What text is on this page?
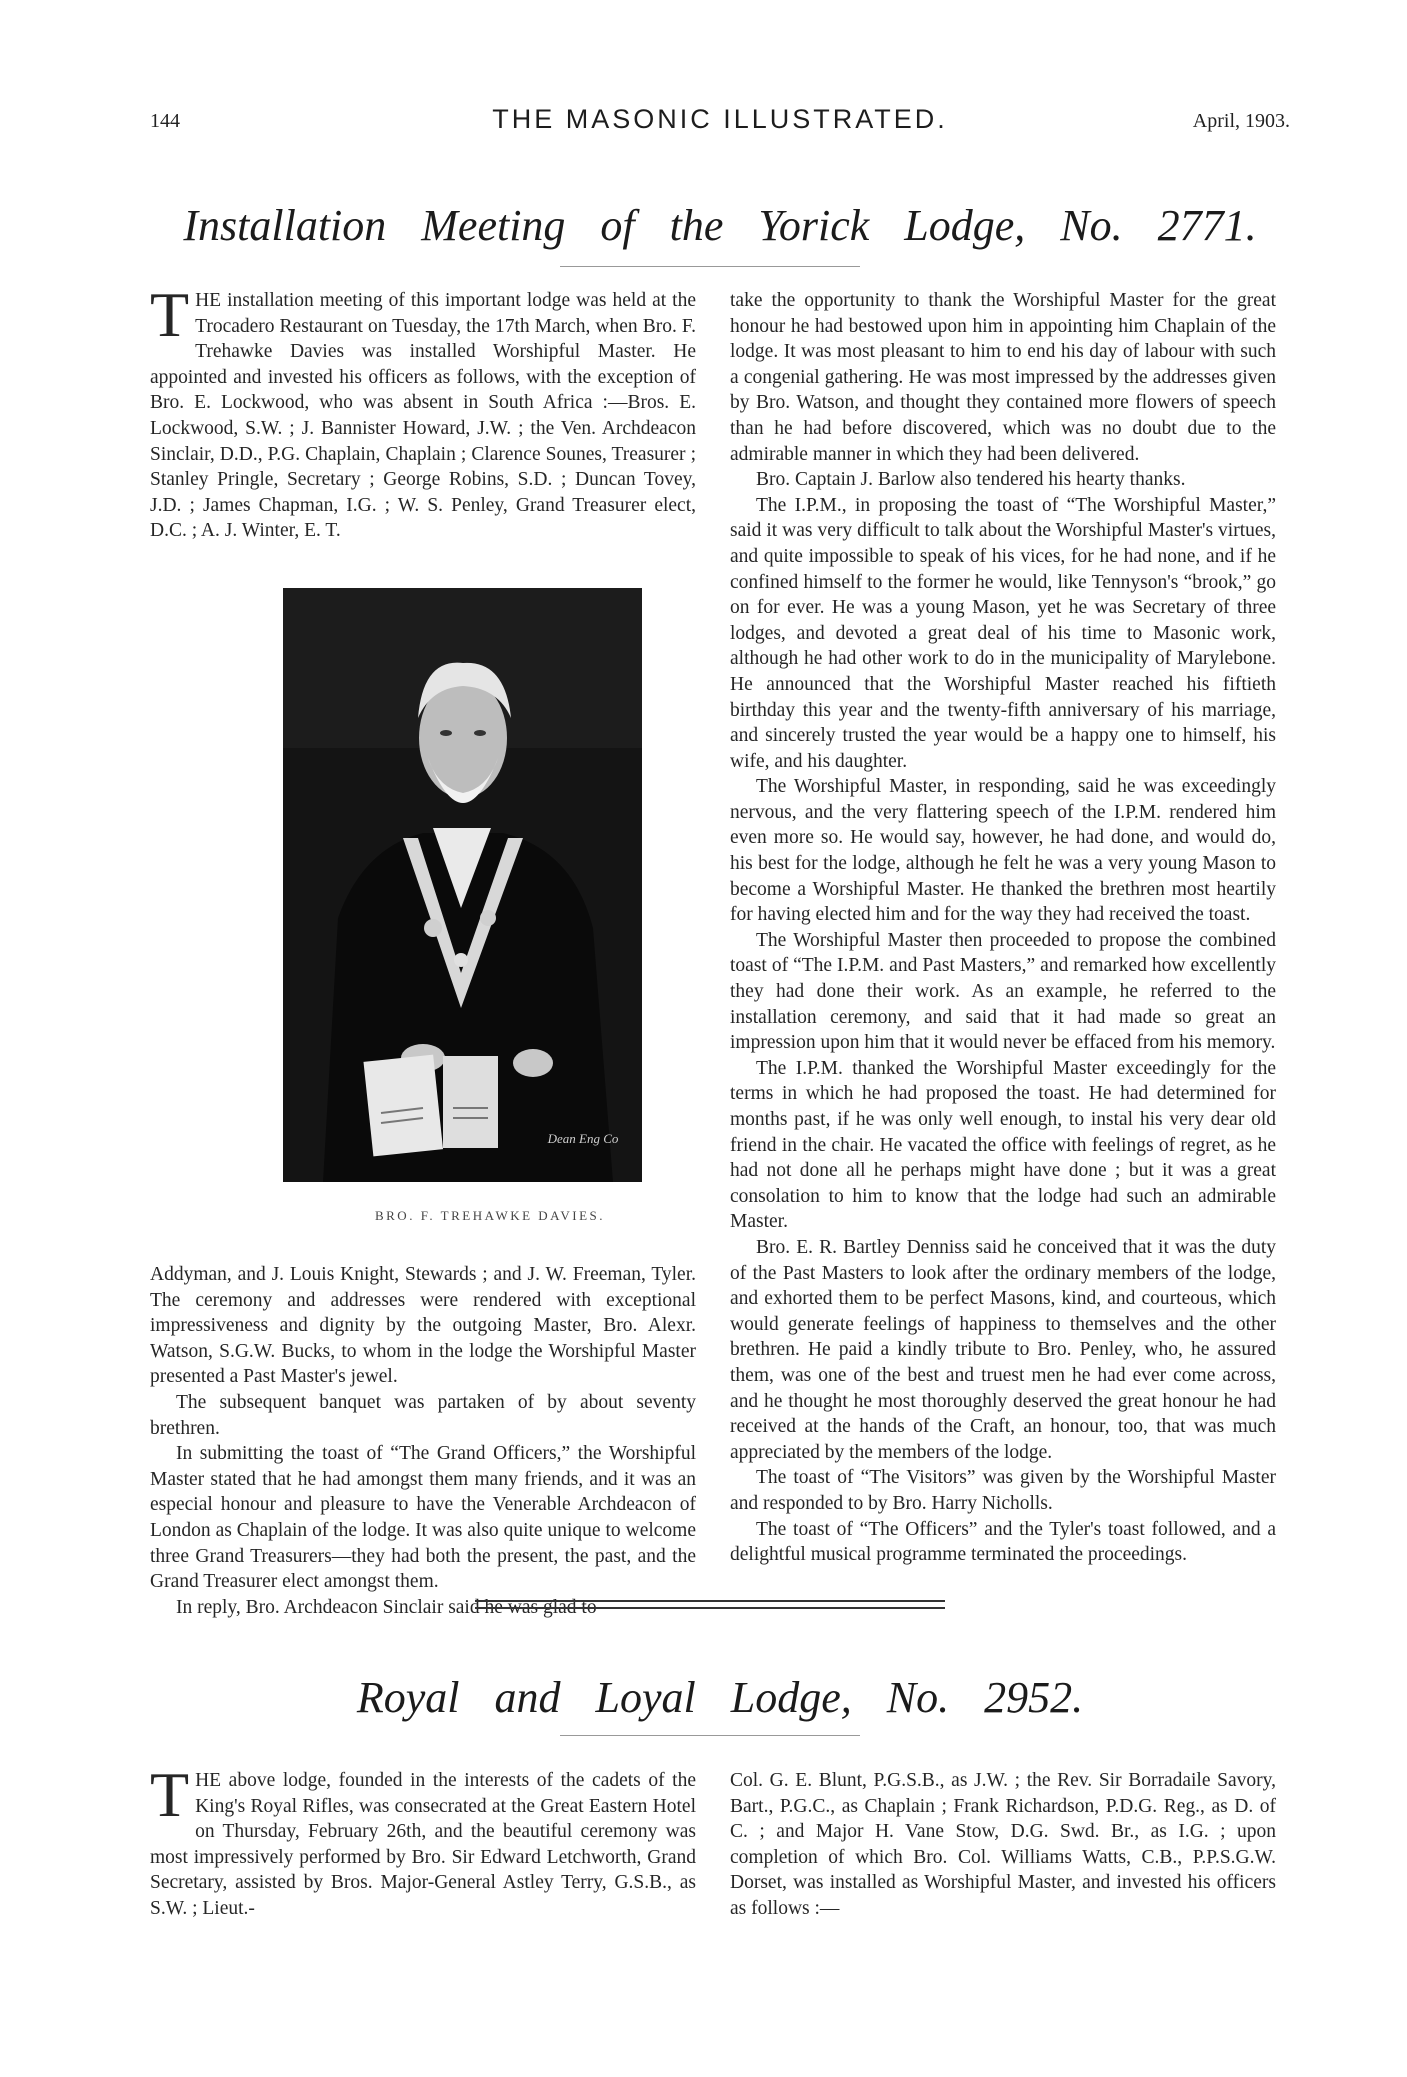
144	THE MASONIC ILLUSTRATED.	April, 1903.
Installation Meeting of the Yorick Lodge, No. 2771.

THE installation meeting of this important lodge was held at the Trocadero Restaurant on Tuesday, the 17th March, when Bro. F. Trehawke Davies was installed Worshipful Master. He appointed and invested his officers as follows, with the exception of Bro. E. Lockwood, who was absent in South Africa :—Bros. E. Lockwood, S.W. ; J. Bannister Howard, J.W. ; the Ven. Archdeacon Sinclair, D.D., P.G. Chaplain, Chaplain ; Clarence Sounes, Treasurer ; Stanley Pringle, Secretary ; George Robins, S.D. ; Duncan Tovey, J.D. ; James Chapman, I.G. ; W. S. Penley, Grand Treasurer elect, D.C. ; A. J. Winter, E. T.

Dean Eng Co
BRO. F. TREHAWKE DAVIES.

Addyman, and J. Louis Knight, Stewards ; and J. W. Freeman, Tyler. The ceremony and addresses were rendered with exceptional impressiveness and dignity by the outgoing Master, Bro. Alexr. Watson, S.G.W. Bucks, to whom in the lodge the Worshipful Master presented a Past Master's jewel.

The subsequent banquet was partaken of by about seventy brethren.

In submitting the toast of “The Grand Officers,” the Worshipful Master stated that he had amongst them many friends, and it was an especial honour and pleasure to have the Venerable Archdeacon of London as Chaplain of the lodge. It was also quite unique to welcome three Grand Treasurers—they had both the present, the past, and the Grand Treasurer elect amongst them.

In reply, Bro. Archdeacon Sinclair said he was glad to

take the opportunity to thank the Worshipful Master for the great honour he had bestowed upon him in appointing him Chaplain of the lodge. It was most pleasant to him to end his day of labour with such a congenial gathering. He was most impressed by the addresses given by Bro. Watson, and thought they contained more flowers of speech than he had before discovered, which was no doubt due to the admirable manner in which they had been delivered.

Bro. Captain J. Barlow also tendered his hearty thanks.

The I.P.M., in proposing the toast of “The Worshipful Master,” said it was very difficult to talk about the Worshipful Master's virtues, and quite impossible to speak of his vices, for he had none, and if he confined himself to the former he would, like Tennyson's “brook,” go on for ever. He was a young Mason, yet he was Secretary of three lodges, and devoted a great deal of his time to Masonic work, although he had other work to do in the municipality of Marylebone. He announced that the Worshipful Master reached his fiftieth birthday this year and the twenty-fifth anniversary of his marriage, and sincerely trusted the year would be a happy one to himself, his wife, and his daughter.

The Worshipful Master, in responding, said he was exceedingly nervous, and the very flattering speech of the I.P.M. rendered him even more so. He would say, however, he had done, and would do, his best for the lodge, although he felt he was a very young Mason to become a Worshipful Master. He thanked the brethren most heartily for having elected him and for the way they had received the toast.

The Worshipful Master then proceeded to propose the combined toast of “The I.P.M. and Past Masters,” and remarked how excellently they had done their work. As an example, he referred to the installation ceremony, and said that it had made so great an impression upon him that it would never be effaced from his memory.

The I.P.M. thanked the Worshipful Master exceedingly for the terms in which he had proposed the toast. He had determined for months past, if he was only well enough, to instal his very dear old friend in the chair. He vacated the office with feelings of regret, as he had not done all he perhaps might have done ; but it was a great consolation to him to know that the lodge had such an admirable Master.

Bro. E. R. Bartley Denniss said he conceived that it was the duty of the Past Masters to look after the ordinary members of the lodge, and exhorted them to be perfect Masons, kind, and courteous, which would generate feelings of happiness to themselves and the other brethren. He paid a kindly tribute to Bro. Penley, who, he assured them, was one of the best and truest men he had ever come across, and he thought he most thoroughly deserved the great honour he had received at the hands of the Craft, an honour, too, that was much appreciated by the members of the lodge.

The toast of “The Visitors” was given by the Worshipful Master and responded to by Bro. Harry Nicholls.

The toast of “The Officers” and the Tyler's toast followed, and a delightful musical programme terminated the proceedings.

Royal and Loyal Lodge, No. 2952.

THE above lodge, founded in the interests of the cadets of the King's Royal Rifles, was consecrated at the Great Eastern Hotel on Thursday, February 26th, and the beautiful ceremony was most impressively performed by Bro. Sir Edward Letchworth, Grand Secretary, assisted by Bros. Major-General Astley Terry, G.S.B., as S.W. ; Lieut.-

Col. G. E. Blunt, P.G.S.B., as J.W. ; the Rev. Sir Borradaile Savory, Bart., P.G.C., as Chaplain ; Frank Richardson, P.D.G. Reg., as D. of C. ; and Major H. Vane Stow, D.G. Swd. Br., as I.G. ; upon completion of which Bro. Col. Williams Watts, C.B., P.P.S.G.W. Dorset, was installed as Worshipful Master, and invested his officers as follows :—
